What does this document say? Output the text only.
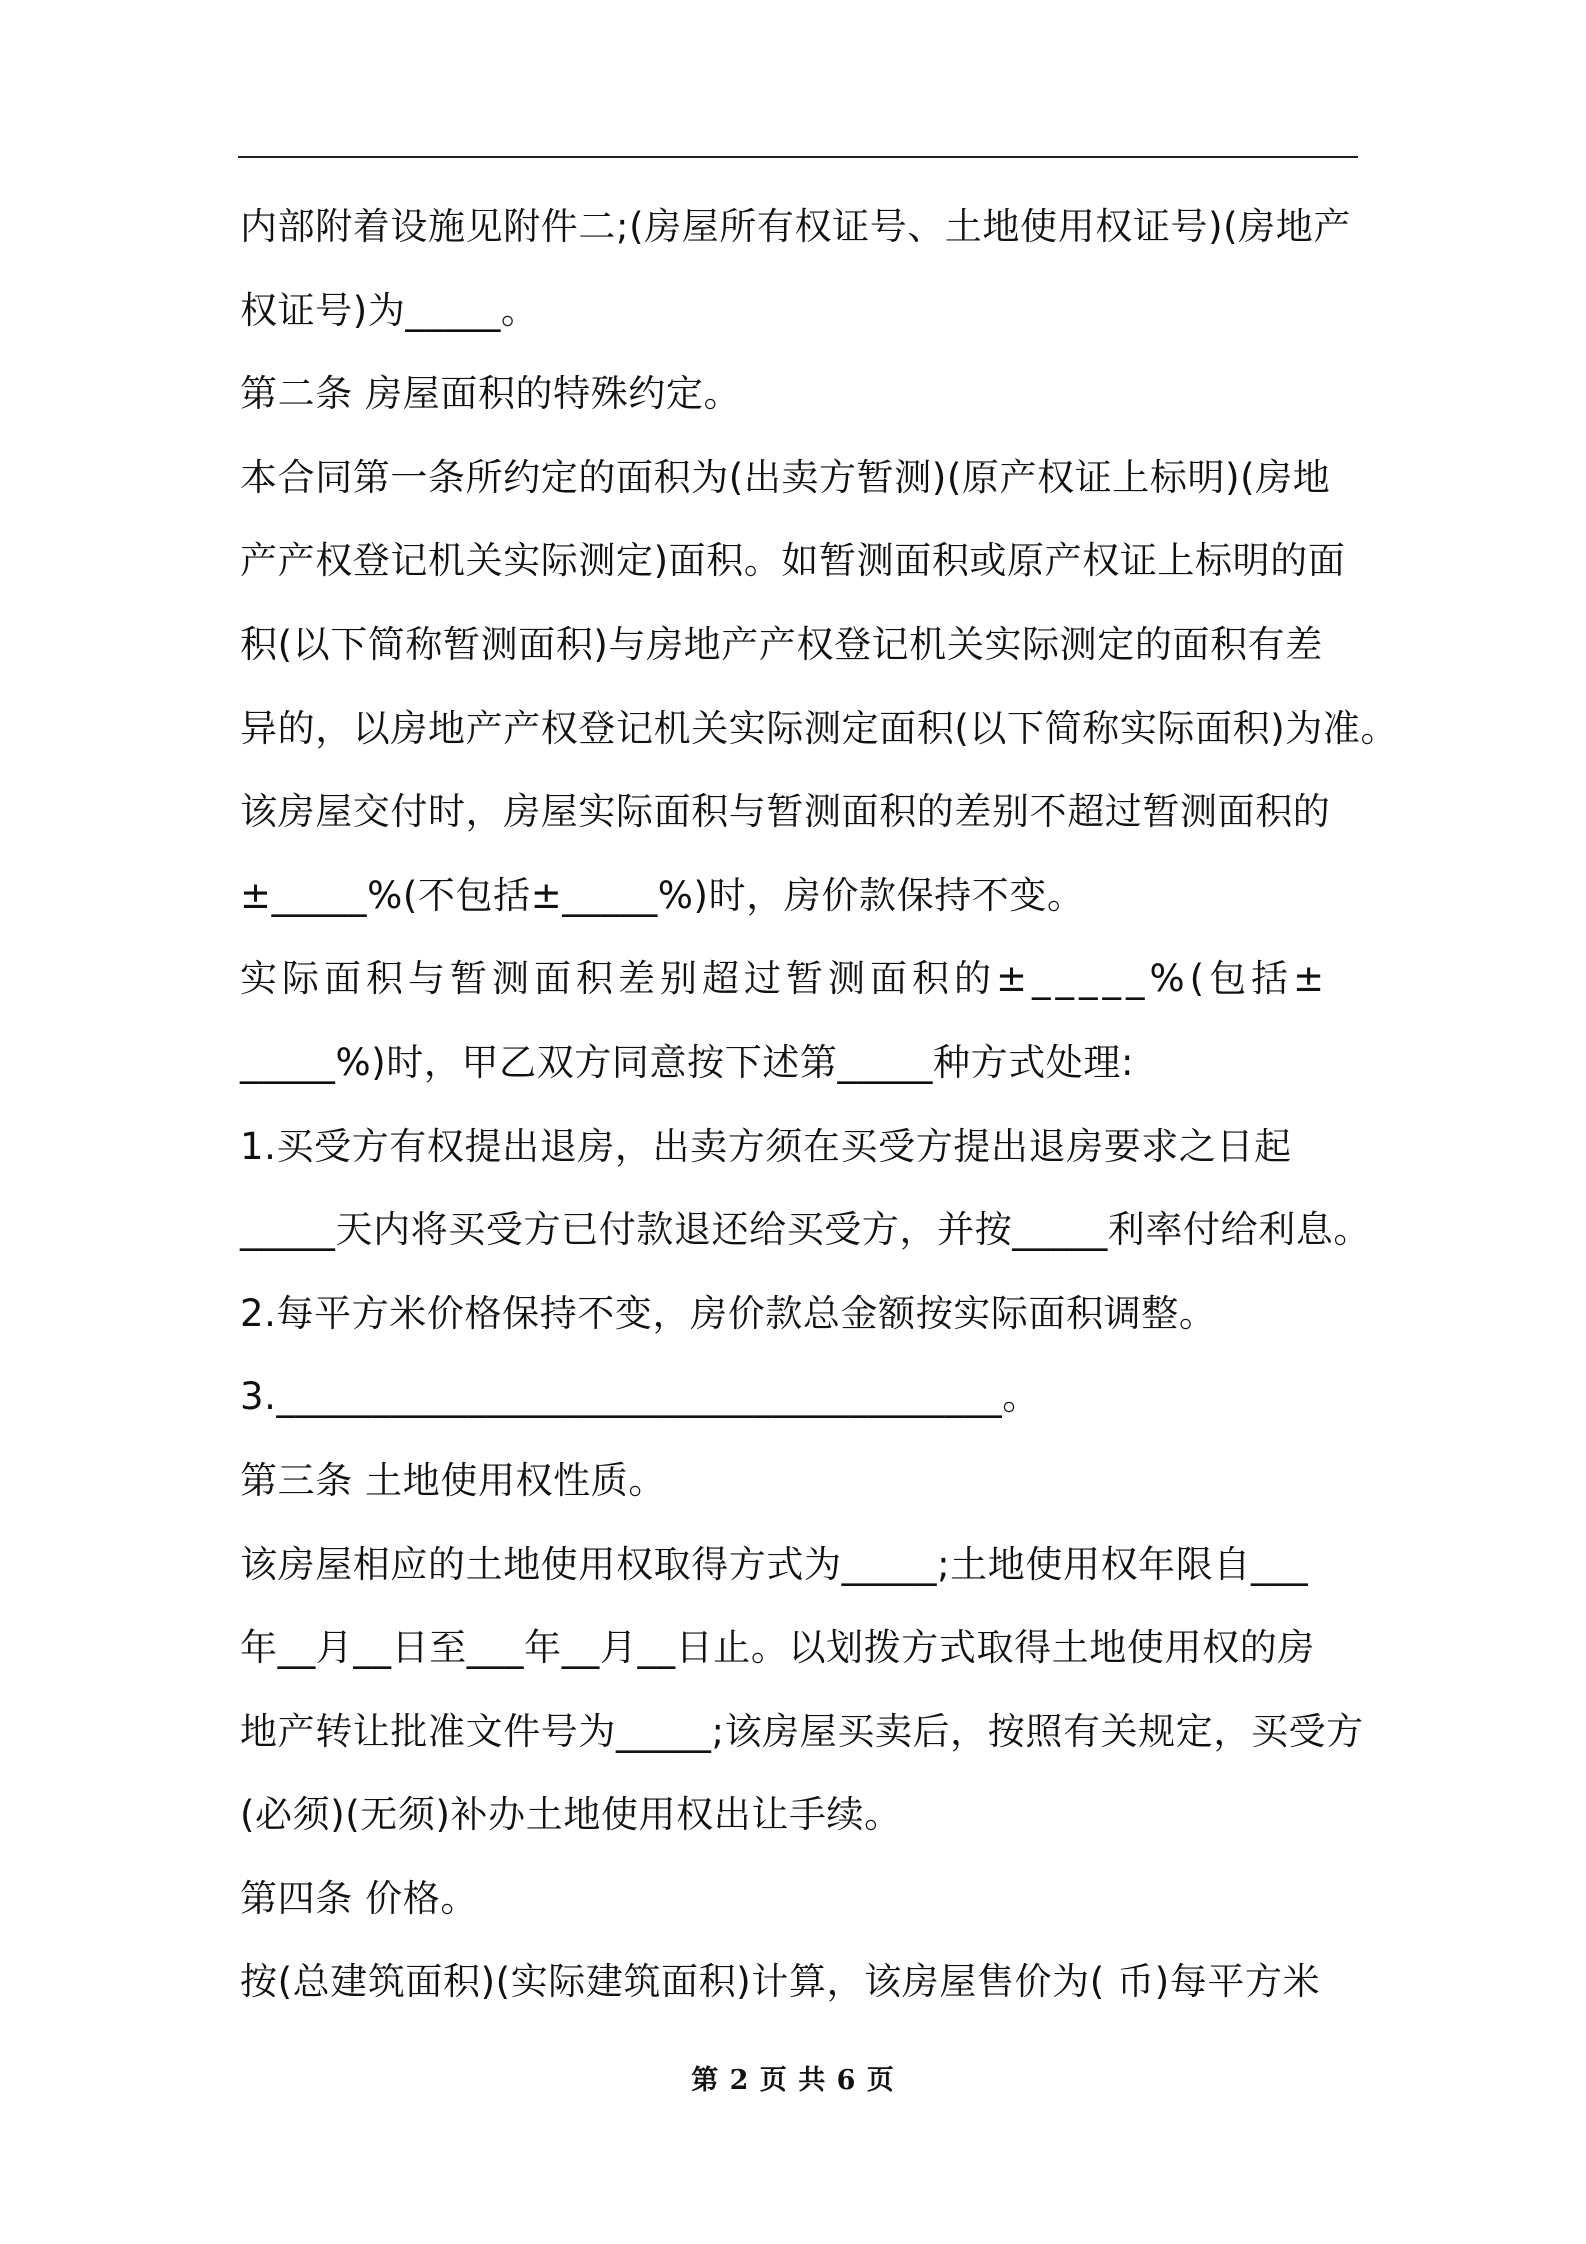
内部附着设施见附件二;(房屋所有权证号、土地使用权证号)(房地产
权证号)为_____。
第二条 房屋面积的特殊约定。
本合同第一条所约定的面积为(出卖方暂测)(原产权证上标明)(房地
产产权登记机关实际测定)面积。如暂测面积或原产权证上标明的面
积(以下简称暂测面积)与房地产产权登记机关实际测定的面积有差
异的，以房地产产权登记机关实际测定面积(以下简称实际面积)为准。
该房屋交付时，房屋实际面积与暂测面积的差别不超过暂测面积的
±_____%(不包括±_____%)时，房价款保持不变。
实际面积与暂测面积差别超过暂测面积的±_____%(包括±
_____%)时，甲乙双方同意按下述第_____种方式处理:
1.买受方有权提出退房，出卖方须在买受方提出退房要求之日起
_____天内将买受方已付款退还给买受方，并按_____利率付给利息。
2.每平方米价格保持不变，房价款总金额按实际面积调整。
3.______________________________________。
第三条 土地使用权性质。
该房屋相应的土地使用权取得方式为_____;土地使用权年限自___
年__月__日至___年__月__日止。以划拨方式取得土地使用权的房
地产转让批准文件号为_____;该房屋买卖后，按照有关规定，买受方
(必须)(无须)补办土地使用权出让手续。
第四条 价格。
按(总建筑面积)(实际建筑面积)计算，该房屋售价为( 币)每平方米
第 2 页 共 6 页
